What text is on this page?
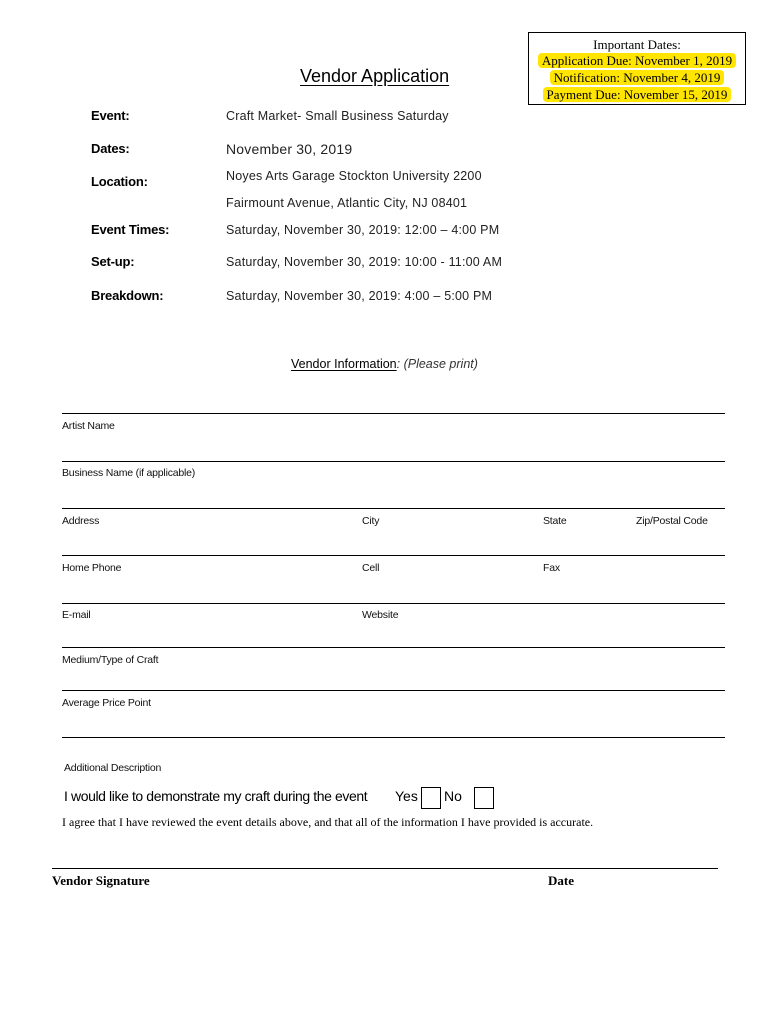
Important Dates:
Application Due: November 1, 2019
Notification: November 4, 2019
Payment Due: November 15, 2019
Vendor Application
Event:	Craft Market- Small Business Saturday
Dates:	November 30, 2019
Location:	Noyes Arts Garage Stockton University 2200
Fairmount Avenue, Atlantic City, NJ 08401
Event Times:	Saturday, November 30, 2019: 12:00 – 4:00 PM
Set-up:	Saturday, November 30, 2019: 10:00 - 11:00 AM
Breakdown:	Saturday, November 30, 2019: 4:00 – 5:00 PM
Vendor Information: (Please print)
Artist Name
Business Name (if applicable)
Address	City	State	Zip/Postal Code
Home Phone	Cell	Fax
E-mail	Website
Medium/Type of Craft
Average Price Point
Additional Description
I would like to demonstrate my craft during the event Yes No
I agree that I have reviewed the event details above, and that all of the information I have provided is accurate.
Vendor Signature	Date
